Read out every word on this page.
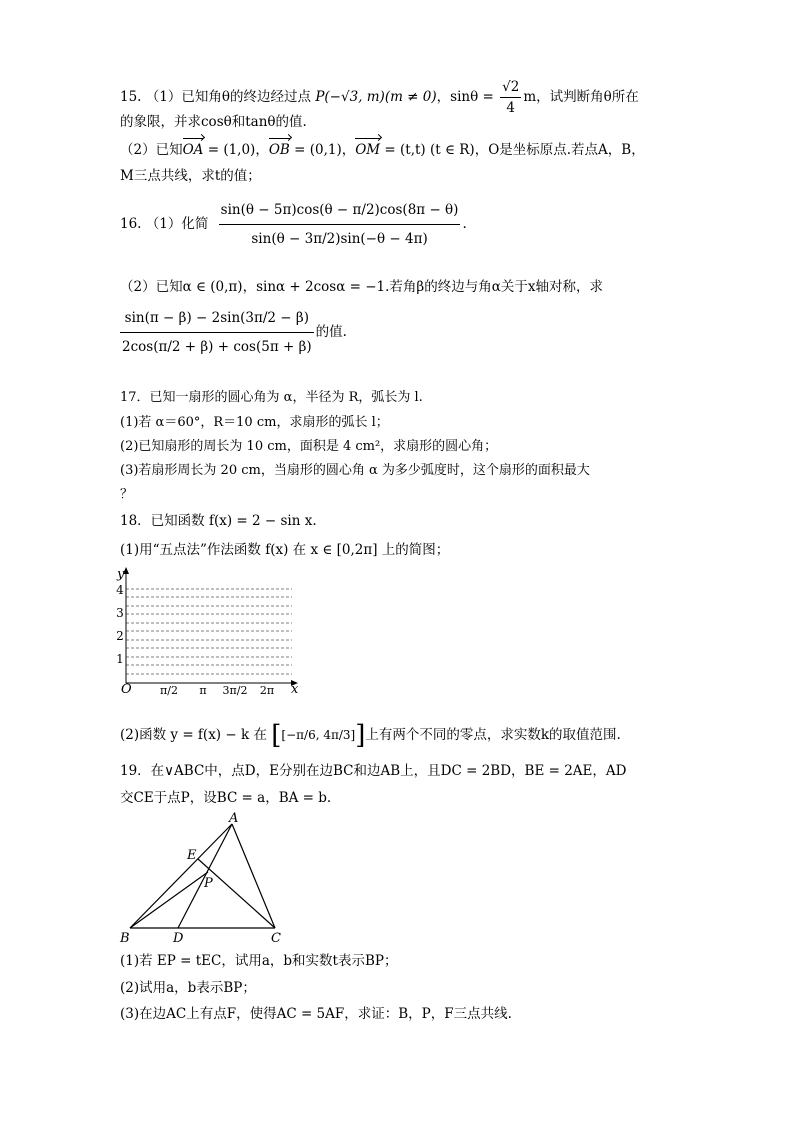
15. （1）已知角θ的终边经过点 P(−√3, m)(m ≠ 0)，$\sin\theta = \frac{√2}{4}$ m，试判断角θ所在
的象限，并求cosθ和tanθ的值.
（2）已知OA = (1,0)，OB = (0,1)，OM = (t,t) (t ∈ R)，O是坐标原点.若点A，B，
M三点共线，求t的值；
16. （1）化简 $\frac{\sin(\theta - 5\pi)\cos(\theta - \pi/2)\cos(8\pi - \theta)}{\sin(\theta - 3\pi/2)\sin(-\theta - 4\pi)}$ .
（2）已知α ∈ (0,π)，sinα + 2cosα = −1.若角β的终边与角α关于x轴对称，求
$\frac{\sin(\pi - \beta) - 2\sin(3\pi/2 - \beta)}{2\cos(\pi/2 + \beta) + \cos(5\pi + \beta)}$ 的值.
17．已知一扇形的圆心角为 α，半径为 R，弧长为 l.
(1)若 α＝60°，R＝10 cm，求扇形的弧长 l；
(2)已知扇形的周长为 10 cm，面积是 4 cm²，求扇形的圆心角；
(3)若扇形周长为 20 cm，当扇形的圆心角 α 为多少弧度时，这个扇形的面积最大
？
18．已知函数 f(x) = 2 − sin x.
(1)用“五点法”作法函数 f(x) 在 x ∈ [0,2π] 上的简图；
y
x
O
4
3
2
1
π/2 π 3π/2 2π
(2)函数 y = f(x) − k 在 [[−π/6, 4π/3]]上有两个不同的零点，求实数k的取值范围.
19．在∨ABC中，点D，E分别在边BC和边AB上，且DC = 2BD，BE = 2AE，AD
交CE于点P，设BC = a，BA = b.
A
B	C
D
E
P
(1)若 EP = tEC，试用a，b和实数t表示BP；
(2)试用a，b表示BP；
(3)在边AC上有点F，使得AC = 5AF，求证：B，P，F三点共线.
